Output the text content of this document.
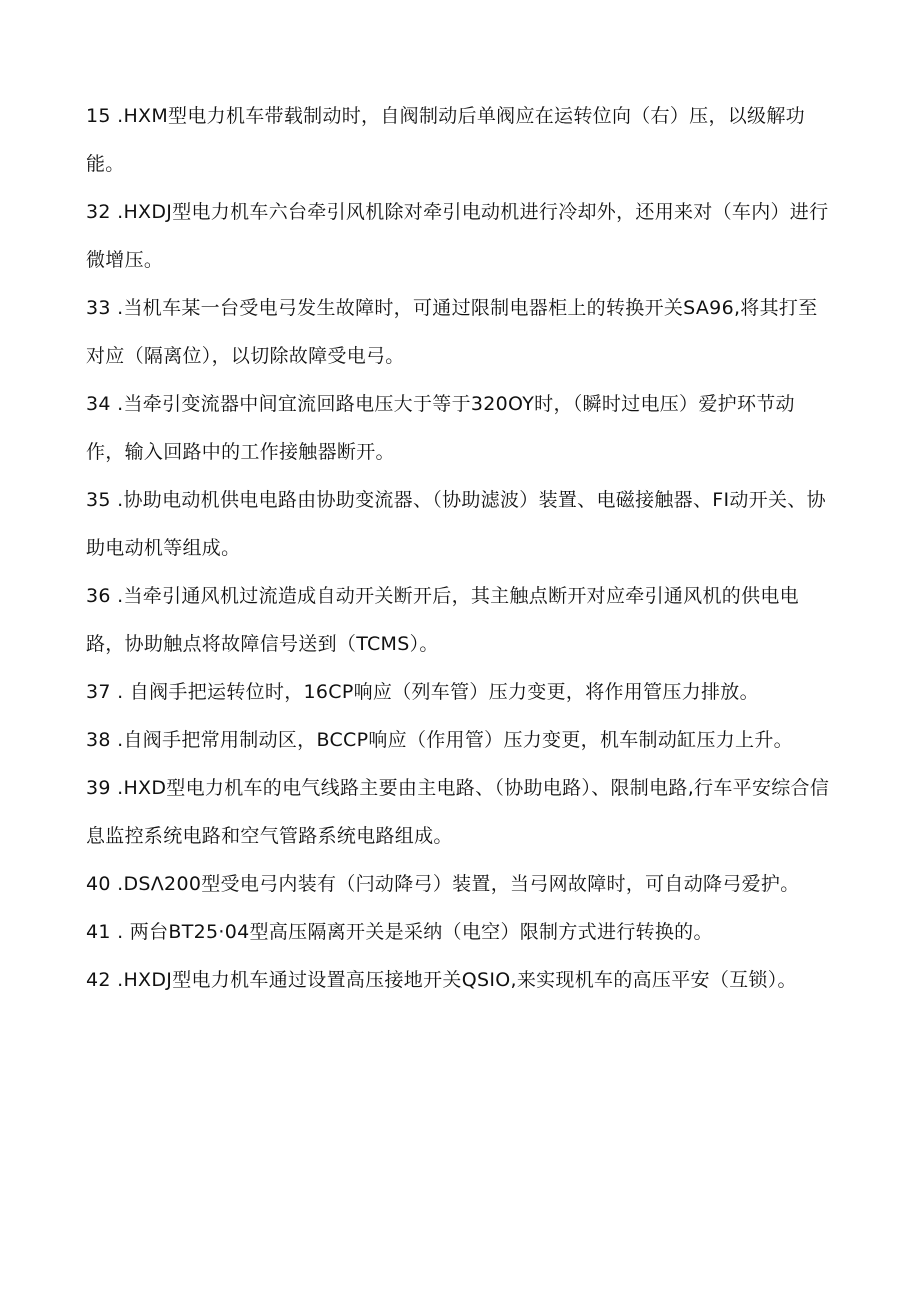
15 .HXM型电力机车带载制动时，自阀制动后单阀应在运转位向（右）压，以级解功能。

32 .HXDJ型电力机车六台牵引风机除对牵引电动机进行冷却外，还用来对（车内）进行微增压。

33 .当机车某一台受电弓发生故障时，可通过限制电器柜上的转换开关SA96,将其打至对应（隔离位），以切除故障受电弓。

34 .当牵引变流器中间宜流回路电压大于等于320OY时，（瞬时过电压）爱护环节动作，输入回路中的工作接触器断开。

35 .协助电动机供电电路由协助变流器、（协助滤波）装置、电磁接触器、FI动开关、协助电动机等组成。

36 .当牵引通风机过流造成自动开关断开后，其主触点断开对应牵引通风机的供电电路，协助触点将故障信号送到（TCMS）。

37 . 自阀手把运转位时，16CP响应（列车管）压力变更，将作用管压力排放。

38 .自阀手把常用制动区，BCCP响应（作用管）压力变更，机车制动缸压力上升。

39 .HXD型电力机车的电气线路主要由主电路、（协助电路）、限制电路,行车平安综合信息监控系统电路和空气管路系统电路组成。

40 .DSΛ200型受电弓内装有（闩动降弓）装置，当弓网故障时，可自动降弓爱护。

41 . 两台BT25·04型高压隔离开关是采纳（电空）限制方式进行转换的。

42 .HXDJ型电力机车通过设置高压接地开关QSIO,来实现机车的高压平安（互锁）。
